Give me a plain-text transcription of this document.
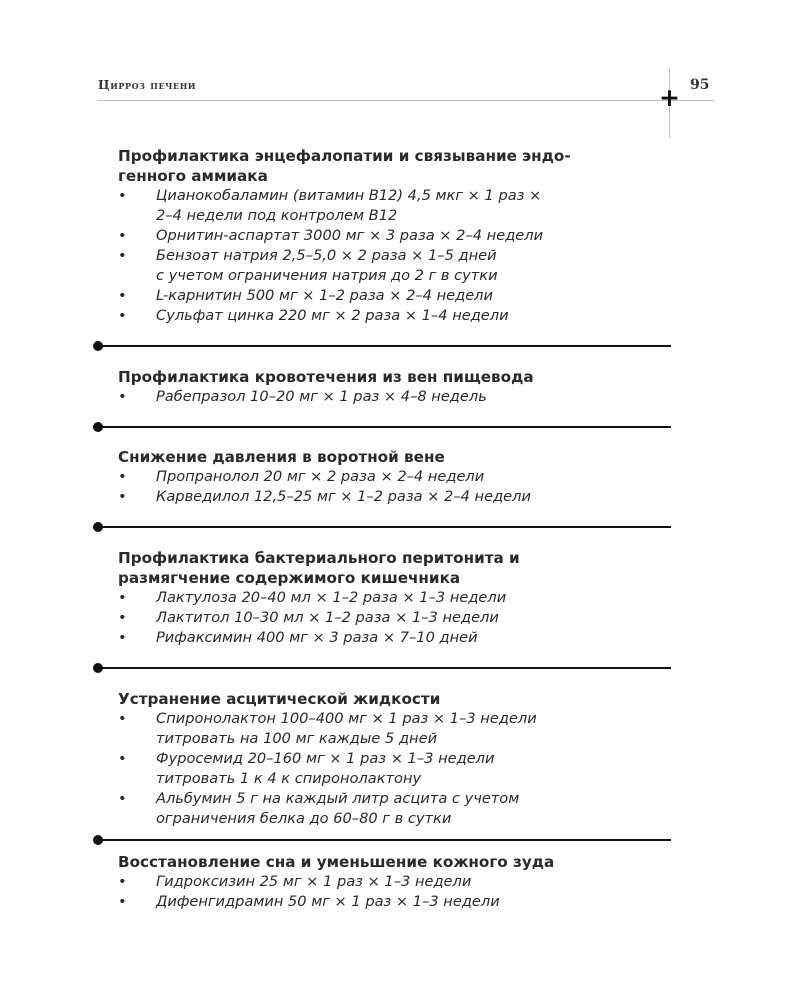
Цирроз печени	95
+
Профилактика энцефалопатии и связывание эндо-
генного аммиака
• Цианокобаламин (витамин B12) 4,5 мкг × 1 раз ×
2–4 недели под контролем B12
• Орнитин-аспартат 3000 мг × 3 раза × 2–4 недели
• Бензоат натрия 2,5–5,0 × 2 раза × 1–5 дней
с учетом ограничения натрия до 2 г в сутки
• L-карнитин 500 мг × 1–2 раза × 2–4 недели
• Сульфат цинка 220 мг × 2 раза × 1–4 недели
Профилактика кровотечения из вен пищевода
• Рабепразол 10–20 мг × 1 раз × 4–8 недель
Снижение давления в воротной вене
• Пропранолол 20 мг × 2 раза × 2–4 недели
• Карведилол 12,5–25 мг × 1–2 раза × 2–4 недели
Профилактика бактериального перитонита и
размягчение содержимого кишечника
• Лактулоза 20–40 мл × 1–2 раза × 1–3 недели
• Лактитол 10–30 мл × 1–2 раза × 1–3 недели
• Рифаксимин 400 мг × 3 раза × 7–10 дней
Устранение асцитической жидкости
• Спиронолактон 100–400 мг × 1 раз × 1–3 недели
титровать на 100 мг каждые 5 дней
• Фуросемид 20–160 мг × 1 раз × 1–3 недели
титровать 1 к 4 к спиронолактону
• Альбумин 5 г на каждый литр асцита с учетом
ограничения белка до 60–80 г в сутки
Восстановление сна и уменьшение кожного зуда
• Гидроксизин 25 мг × 1 раз × 1–3 недели
• Дифенгидрамин 50 мг × 1 раз × 1–3 недели
